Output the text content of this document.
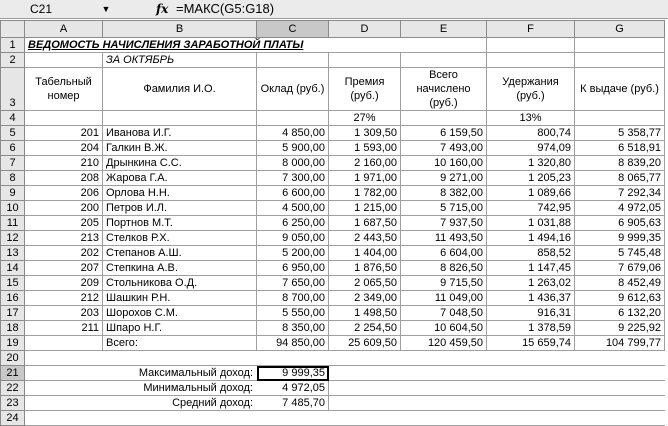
C21	▼	fx =МАКС(G5:G18)
	A	B	C	D	E	F	G
1	ВЕДОМОСТЬ НАЧИСЛЕНИЯ ЗАРАБОТНОЙ ПЛАТЫ						
2		ЗА ОКТЯБРЬ					
3	Табельный номер	Фамилия И.О.	Оклад (руб.)	Премия (руб.)	Всего начислено (руб.)	Удержания (руб.)	К выдаче (руб.)
4				27%		13%	
5	201	Иванова И.Г.	4 850,00	1 309,50	6 159,50	800,74	5 358,77
6	204	Галкин В.Ж.	5 900,00	1 593,00	7 493,00	974,09	6 518,91
7	210	Дрынкина С.С.	8 000,00	2 160,00	10 160,00	1 320,80	8 839,20
8	208	Жарова Г.А.	7 300,00	1 971,00	9 271,00	1 205,23	8 065,77
9	206	Орлова Н.Н.	6 600,00	1 782,00	8 382,00	1 089,66	7 292,34
10	200	Петров И.Л.	4 500,00	1 215,00	5 715,00	742,95	4 972,05
11	205	Портнов М.Т.	6 250,00	1 687,50	7 937,50	1 031,88	6 905,63
12	213	Стелков Р.Х.	9 050,00	2 443,50	11 493,50	1 494,16	9 999,35
13	202	Степанов А.Ш.	5 200,00	1 404,00	6 604,00	858,52	5 745,48
14	207	Степкина А.В.	6 950,00	1 876,50	8 826,50	1 147,45	7 679,06
15	209	Стольникова О.Д.	7 650,00	2 065,50	9 715,50	1 263,02	8 452,49
16	212	Шашкин Р.Н.	8 700,00	2 349,00	11 049,00	1 436,37	9 612,63
17	203	Шорохов С.М.	5 550,00	1 498,50	7 048,50	916,31	6 132,20
18	211	Шпаро Н.Г.	8 350,00	2 254,50	10 604,50	1 378,59	9 225,92
19		Всего:	94 850,00	25 609,50	120 459,50	15 659,74	104 799,77
20							
21		Максимальный доход:	9 999,35				
22		Минимальный доход:	4 972,05				
23		Средний доход:	7 485,70				
24							
